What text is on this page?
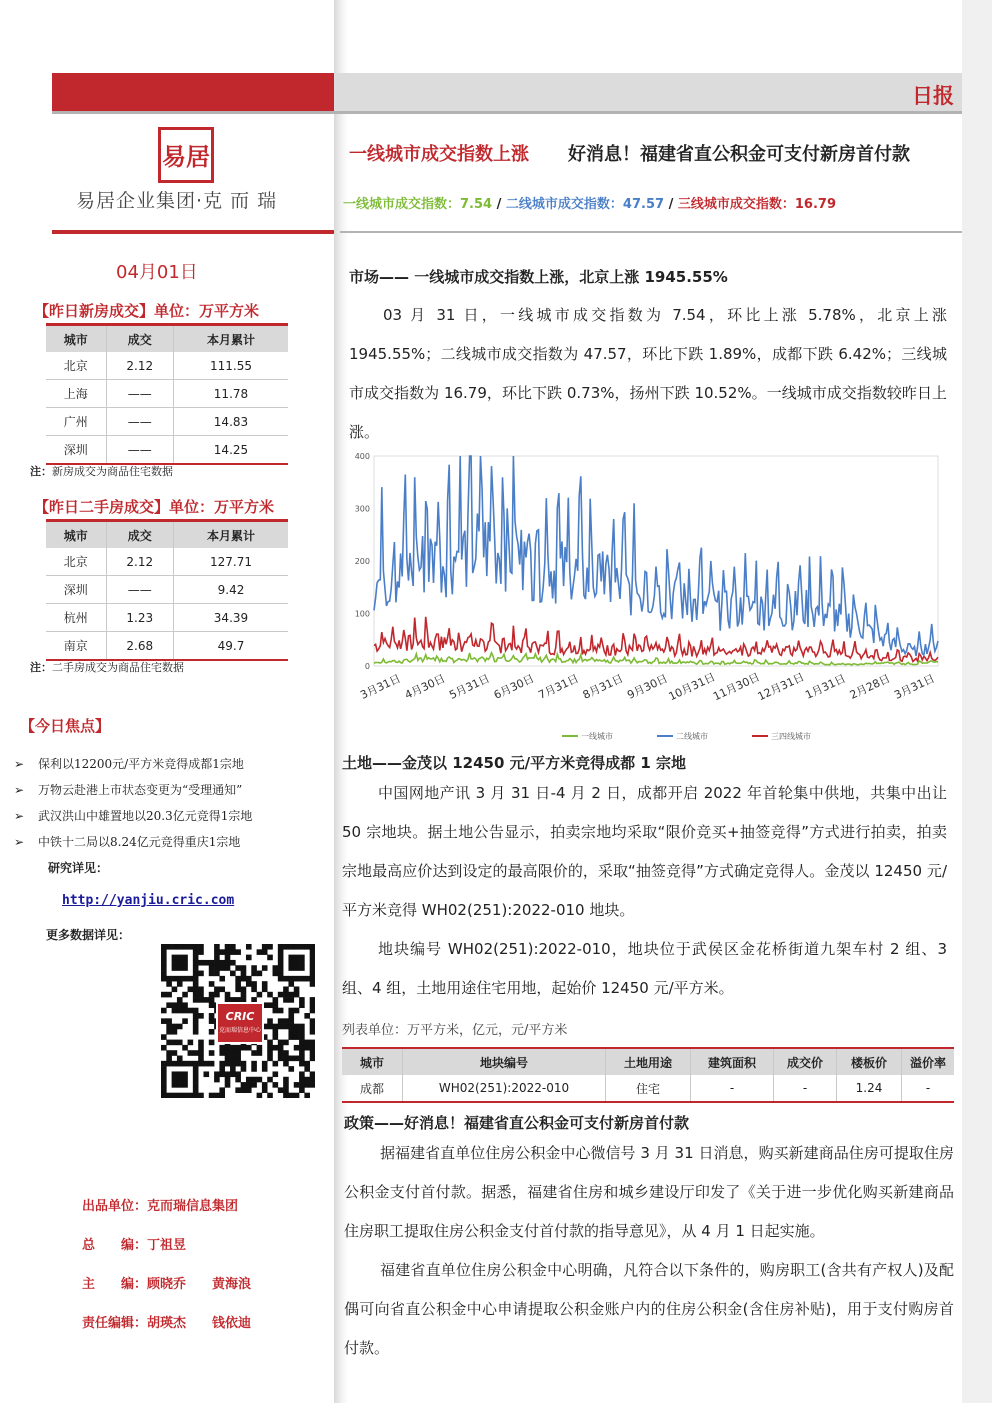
日报
易居
易居企业集团·克 而 瑞
04月01日
【昨日新房成交】单位：万平方米
城市	成交	本月累计
北京	2.12	111.55
上海	——	11.78
广州	——	14.83
深圳	——	14.25
注：新房成交为商品住宅数据
【昨日二手房成交】单位：万平方米
城市	成交	本月累计
北京	2.12	127.71
深圳	——	9.42
杭州	1.23	34.39
南京	2.68	49.7
注：二手房成交为商品住宅数据
【今日焦点】
➢ 保利以12200元/平方米竞得成都1宗地
➢ 万物云赴港上市状态变更为“受理通知”
➢ 武汉洪山中雄置地以20.3亿元竞得1宗地
➢ 中铁十二局以8.24亿元竞得重庆1宗地
研究详见：
http://yanjiu.cric.com
更多数据详见：
CRIC
克而瑞信息中心
出品单位：克而瑞信息集团
总　　编：丁祖昱
主　　编：顾晓乔　　黄海浪
责任编辑：胡瑛杰　　钱依迪
一线城市成交指数上涨 好消息！福建省直公积金可支付新房首付款
一线城市成交指数：7.54 / 二线城市成交指数：47.57 / 三线城市成交指数：16.79
市场—— 一线城市成交指数上涨，北京上涨 1945.55%

03 月 31 日，一线城市成交指数为 7.54，环比上涨 5.78%，北京上涨 1945.55%；二线城市成交指数为 47.57，环比下跌 1.89%，成都下跌 6.42%；三线城市成交指数为 16.79，环比下跌 0.73%，扬州下跌 10.52%。一线城市成交指数较昨日上涨。

0
100
200
300
400
3月31日 4月30日 5月31日 6月30日 7月31日 8月31日 9月30日
10月31日
11月30日
12月31日
1月31日 2月28日 3月31日
一线城市	二线城市	三四线城市
土地——金茂以 12450 元/平方米竞得成都 1 宗地

中国网地产讯 3 月 31 日-4 月 2 日，成都开启 2022 年首轮集中供地，共集中出让 50 宗地块。据土地公告显示，拍卖宗地均采取“限价竞买+抽签竞得”方式进行拍卖，拍卖宗地最高应价达到设定的最高限价的，采取“抽签竞得”方式确定竞得人。金茂以 12450 元/平方米竞得 WH02(251):2022-010 地块。

地块编号 WH02(251):2022-010，地块位于武侯区金花桥街道九架车村 2 组、3 组、4 组，土地用途住宅用地，起始价 12450 元/平方米。

列表单位：万平方米，亿元，元/平方米
城市	地块编号	土地用途	建筑面积	成交价	楼板价	溢价率
成都	WH02(251):2022-010	住宅	-	-	1.24	-
政策——好消息！福建省直公积金可支付新房首付款

据福建省直单位住房公积金中心微信号 3 月 31 日消息，购买新建商品住房可提取住房公积金支付首付款。据悉，福建省住房和城乡建设厅印发了《关于进一步优化购买新建商品住房职工提取住房公积金支付首付款的指导意见》，从 4 月 1 日起实施。

福建省直单位住房公积金中心明确，凡符合以下条件的，购房职工(含共有产权人)及配偶可向省直公积金中心申请提取公积金账户内的住房公积金(含住房补贴)，用于支付购房首付款。
